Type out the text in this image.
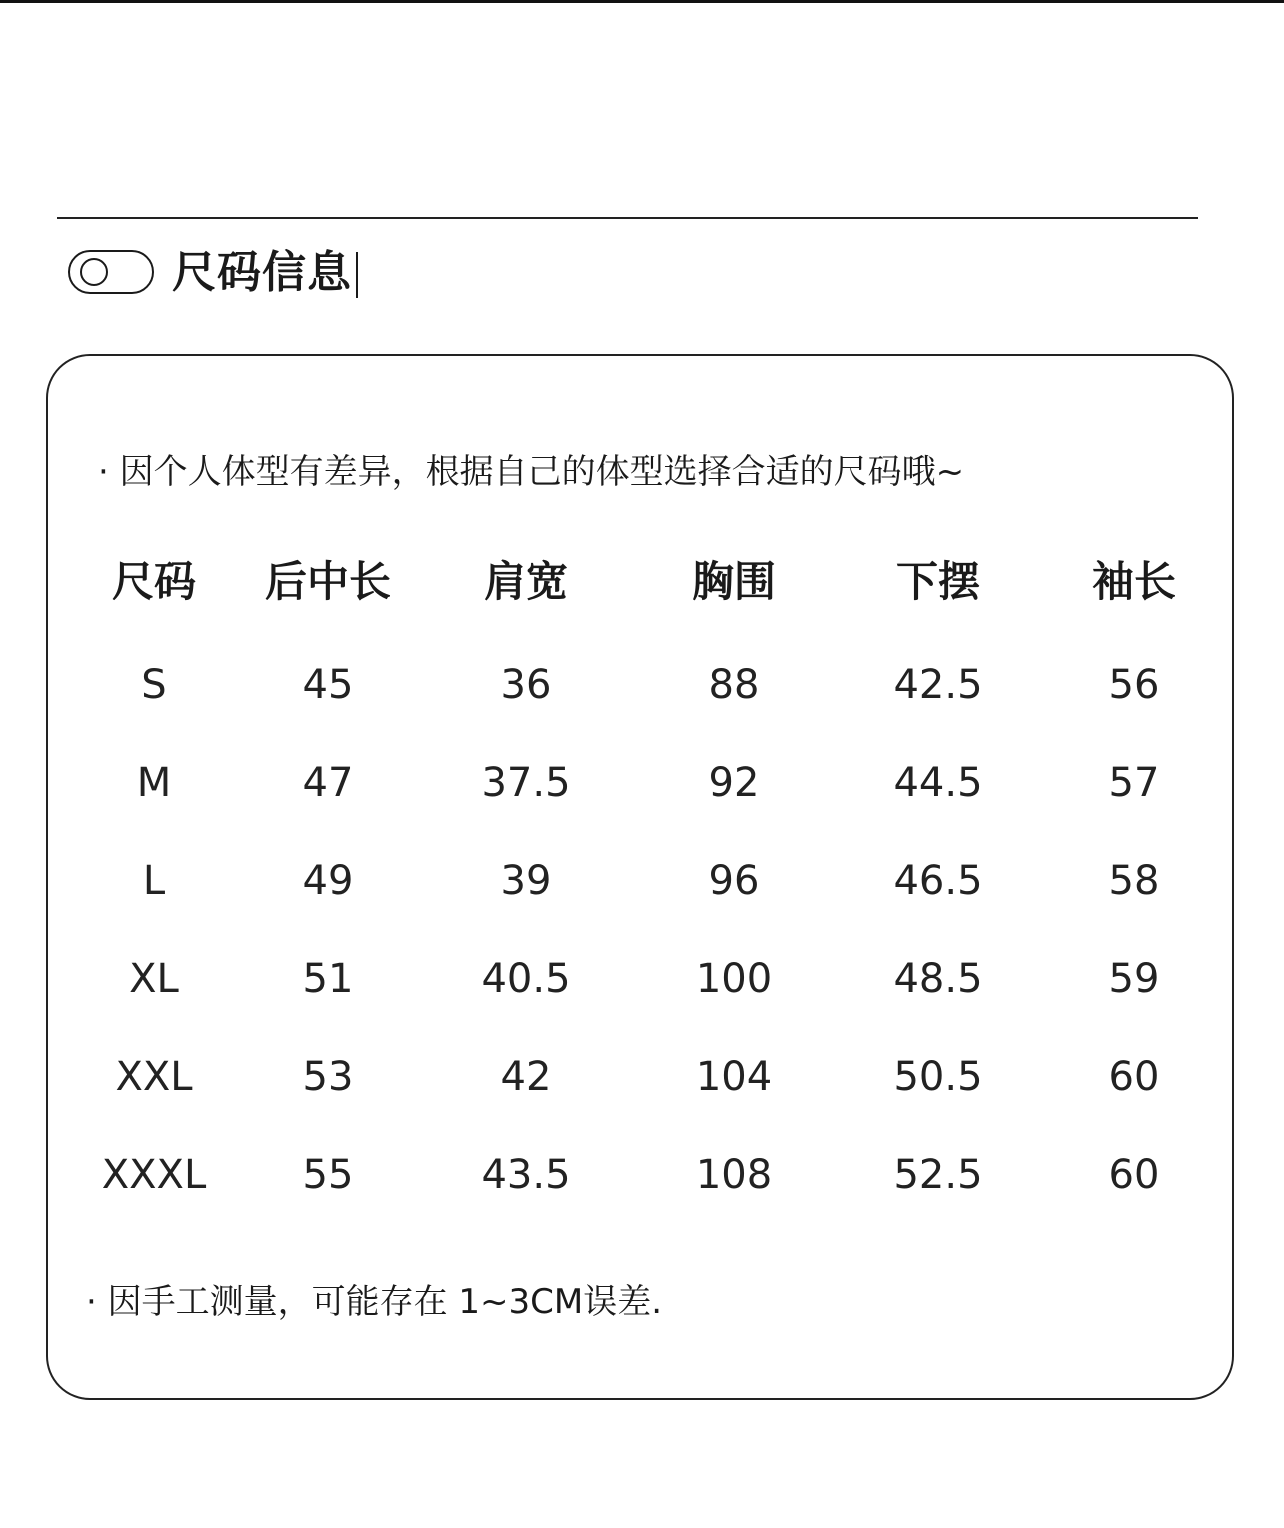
尺码信息
· 因个人体型有差异，根据自己的体型选择合适的尺码哦~
尺码 后中长 肩宽	胸围	下摆	袖长
S	45	36	88	42.5	56
M	47	37.5	92	44.5	57
L	49	39	96	46.5	58
XL	51	40.5	100	48.5	59
XXL	53	42	104	50.5	60
XXXL 55	43.5	108	52.5	60
· 因手工测量，可能存在 1~3CM误差.
